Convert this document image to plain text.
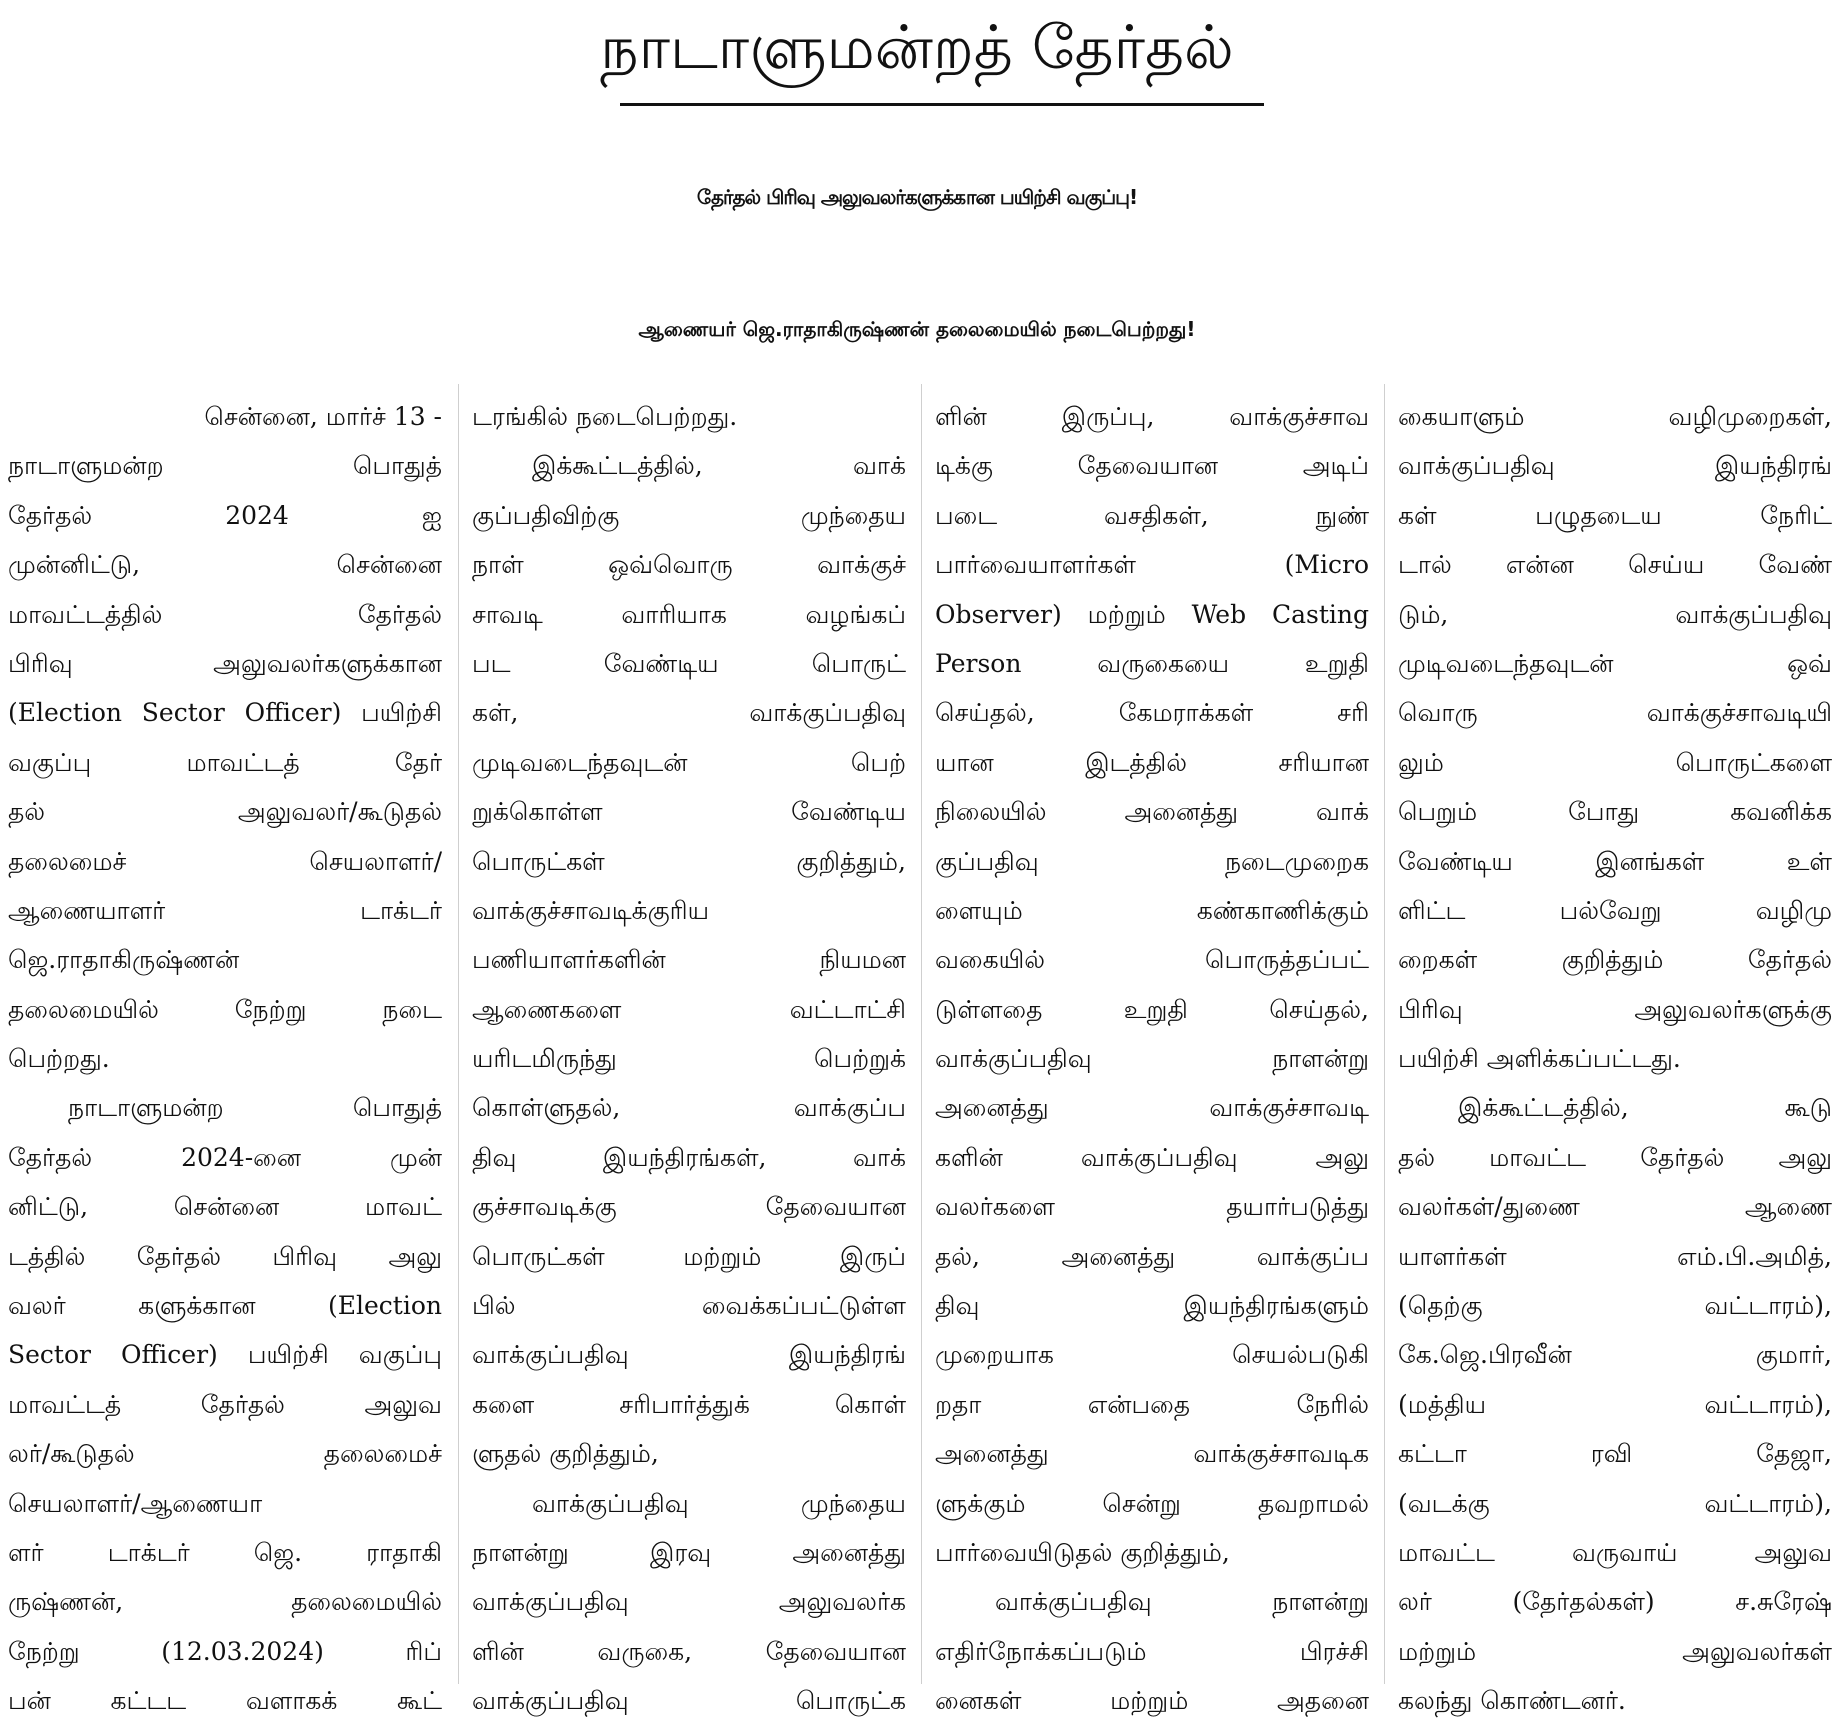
நாடாளுமன்றத் தேர்தல்
தேர்தல் பிரிவு அலுவலர்களுக்கான பயிற்சி வகுப்பு!
ஆணையர் ஜெ.ராதாகிருஷ்ணன் தலைமையில் நடைபெற்றது!
சென்னை, மார்ச் 13 -
நாடாளுமன்ற பொதுத்
தேர்தல் 2024 ஐ
முன்னிட்டு, சென்னை
மாவட்டத்தில் தேர்தல்
பிரிவு அலுவலர்களுக்கான
(Election Sector Officer) பயிற்சி
வகுப்பு மாவட்டத் தேர்
தல் அலுவலர்/கூடுதல்
தலைமைச் செயலாளர்/
ஆணையாளர் டாக்டர்
ஜெ.ராதாகிருஷ்ணன்
தலைமையில் நேற்று நடை
பெற்றது.
நாடாளுமன்ற பொதுத்
தேர்தல் 2024-னை முன்
னிட்டு, சென்னை மாவட்
டத்தில் தேர்தல் பிரிவு அலு
வலர் களுக்கான (Election
Sector Officer) பயிற்சி வகுப்பு
மாவட்டத் தேர்தல் அலுவ
லர்/கூடுதல் தலைமைச்
செயலாளர்/ஆணையா
ளர் டாக்டர் ஜெ. ராதாகி
ருஷ்ணன், தலைமையில்
நேற்று (12.03.2024) ரிப்
பன் கட்டட வளாகக் கூட்
டரங்கில் நடைபெற்றது.
இக்கூட்டத்தில், வாக்
குப்பதிவிற்கு முந்தைய
நாள் ஒவ்வொரு வாக்குச்
சாவடி வாரியாக வழங்கப்
பட வேண்டிய பொருட்
கள், வாக்குப்பதிவு
முடிவடைந்தவுடன் பெற்
றுக்கொள்ள வேண்டிய
பொருட்கள் குறித்தும்,
வாக்குச்சாவடிக்குரிய
பணியாளர்களின் நியமன
ஆணைகளை வட்டாட்சி
யரிடமிருந்து பெற்றுக்
கொள்ளுதல், வாக்குப்ப
திவு இயந்திரங்கள், வாக்
குச்சாவடிக்கு தேவையான
பொருட்கள் மற்றும் இருப்
பில் வைக்கப்பட்டுள்ள
வாக்குப்பதிவு இயந்திரங்
களை சரிபார்த்துக் கொள்
ளுதல் குறித்தும்,
வாக்குப்பதிவு முந்தைய
நாளன்று இரவு அனைத்து
வாக்குப்பதிவு அலுவலர்க
ளின் வருகை, தேவையான
வாக்குப்பதிவு பொருட்க
ளின் இருப்பு, வாக்குச்சாவ
டிக்கு தேவையான அடிப்
படை வசதிகள், நுண்
பார்வையாளர்கள் (Micro
Observer) மற்றும் Web Casting
Person வருகையை உறுதி
செய்தல், கேமராக்கள் சரி
யான இடத்தில் சரியான
நிலையில் அனைத்து வாக்
குப்பதிவு நடைமுறைக
ளையும் கண்காணிக்கும்
வகையில் பொருத்தப்பட்
டுள்ளதை உறுதி செய்தல்,
வாக்குப்பதிவு நாளன்று
அனைத்து வாக்குச்சாவடி
களின் வாக்குப்பதிவு அலு
வலர்களை தயார்படுத்து
தல், அனைத்து வாக்குப்ப
திவு இயந்திரங்களும்
முறையாக செயல்படுகி
றதா என்பதை நேரில்
அனைத்து வாக்குச்சாவடிக
ளுக்கும் சென்று தவறாமல்
பார்வையிடுதல் குறித்தும்,
வாக்குப்பதிவு நாளன்று
எதிர்நோக்கப்படும் பிரச்சி
னைகள் மற்றும் அதனை
கையாளும் வழிமுறைகள்,
வாக்குப்பதிவு இயந்திரங்
கள் பழுதடைய நேரிட்
டால் என்ன செய்ய வேண்
டும், வாக்குப்பதிவு
முடிவடைந்தவுடன் ஒவ்
வொரு வாக்குச்சாவடியி
லும் பொருட்களை
பெறும் போது கவனிக்க
வேண்டிய இனங்கள் உள்
ளிட்ட பல்வேறு வழிமு
றைகள் குறித்தும் தேர்தல்
பிரிவு அலுவலர்களுக்கு
பயிற்சி அளிக்கப்பட்டது.
இக்கூட்டத்தில், கூடு
தல் மாவட்ட தேர்தல் அலு
வலர்கள்/துணை ஆணை
யாளர்கள் எம்.பி.அமித்,
(தெற்கு வட்டாரம்),
கே.ஜெ.பிரவீன் குமார்,
(மத்திய வட்டாரம்),
கட்டா ரவி தேஜா,
(வடக்கு வட்டாரம்),
மாவட்ட வருவாய் அலுவ
லர் (தேர்தல்கள்) ச.சுரேஷ்
மற்றும் அலுவலர்கள்
கலந்து கொண்டனர்.
